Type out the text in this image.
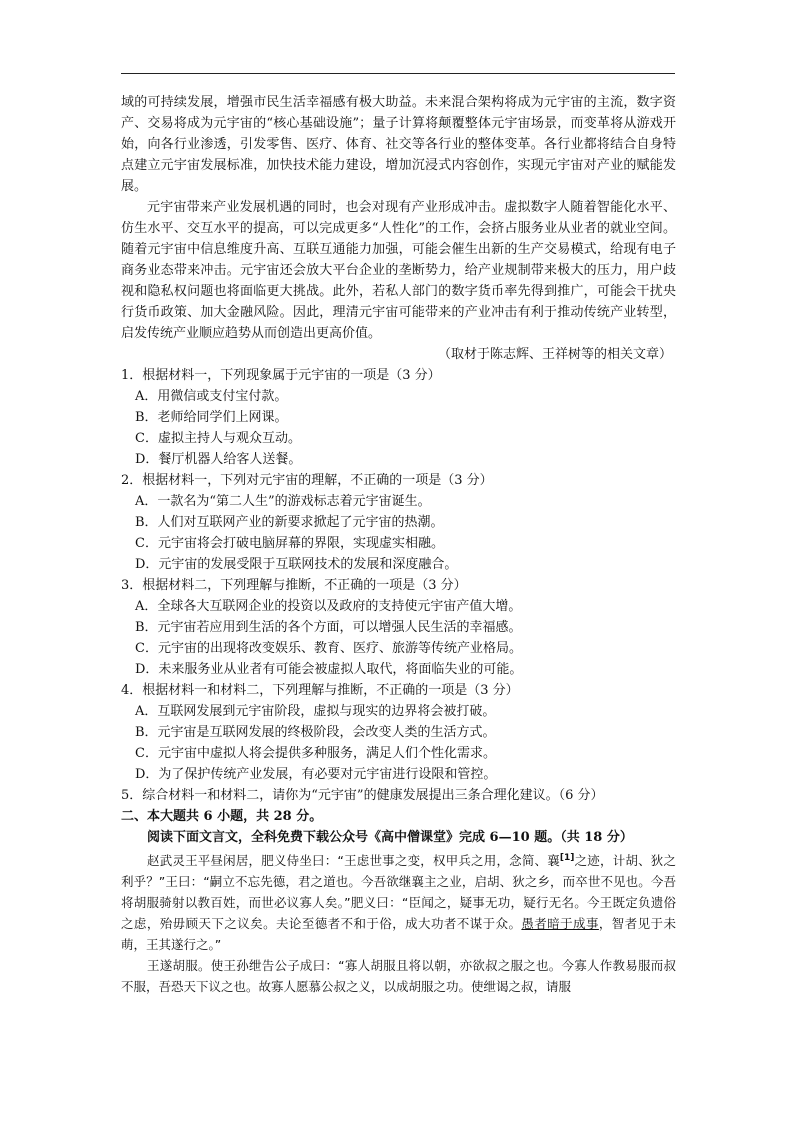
域的可持续发展，增强市民生活幸福感有极大助益。未来混合架构将成为元宇宙的主流，数字资产、交易将成为元宇宙的“核心基础设施”；量子计算将颠覆整体元宇宙场景，而变革将从游戏开始，向各行业渗透，引发零售、医疗、体育、社交等各行业的整体变革。各行业都将结合自身特点建立元宇宙发展标准，加快技术能力建设，增加沉浸式内容创作，实现元宇宙对产业的赋能发展。

元宇宙带来产业发展机遇的同时，也会对现有产业形成冲击。虚拟数字人随着智能化水平、仿生水平、交互水平的提高，可以完成更多“人性化”的工作，会挤占服务业从业者的就业空间。随着元宇宙中信息维度升高、互联互通能力加强，可能会催生出新的生产交易模式，给现有电子商务业态带来冲击。元宇宙还会放大平台企业的垄断势力，给产业规制带来极大的压力，用户歧视和隐私权问题也将面临更大挑战。此外，若私人部门的数字货币率先得到推广，可能会干扰央行货币政策、加大金融风险。因此，理清元宇宙可能带来的产业冲击有利于推动传统产业转型，启发传统产业顺应趋势从而创造出更高价值。

（取材于陈志辉、王祥树等的相关文章）

1．根据材料一，下列现象属于元宇宙的一项是（3 分）

A．用微信或支付宝付款。

B．老师给同学们上网课。

C．虚拟主持人与观众互动。

D．餐厅机器人给客人送餐。

2．根据材料一，下列对元宇宙的理解，不正确的一项是（3 分）

A．一款名为“第二人生”的游戏标志着元宇宙诞生。

B．人们对互联网产业的新要求掀起了元宇宙的热潮。

C．元宇宙将会打破电脑屏幕的界限，实现虚实相融。

D．元宇宙的发展受限于互联网技术的发展和深度融合。

3．根据材料二，下列理解与推断，不正确的一项是（3 分）

A．全球各大互联网企业的投资以及政府的支持使元宇宙产值大增。

B．元宇宙若应用到生活的各个方面，可以增强人民生活的幸福感。

C．元宇宙的出现将改变娱乐、教育、医疗、旅游等传统产业格局。

D．未来服务业从业者有可能会被虚拟人取代，将面临失业的可能。

4．根据材料一和材料二，下列理解与推断，不正确的一项是（3 分）

A．互联网发展到元宇宙阶段，虚拟与现实的边界将会被打破。

B．元宇宙是互联网发展的终极阶段，会改变人类的生活方式。

C．元宇宙中虚拟人将会提供多种服务，满足人们个性化需求。

D．为了保护传统产业发展，有必要对元宇宙进行设限和管控。

5．综合材料一和材料二，请你为“元宇宙”的健康发展提出三条合理化建议。（6 分）

二、本大题共 6 小题，共 28 分。

阅读下面文言文，全科免费下载公众号《高中僧课堂》完成 6—10 题。（共 18 分）

赵武灵王平昼闲居，肥义侍坐曰：“王虑世事之变，权甲兵之用，念简、襄[1]之迹，计胡、狄之利乎？”王曰：“嗣立不忘先德，君之道也。今吾欲继襄主之业，启胡、狄之乡，而卒世不见也。今吾将胡服骑射以教百姓，而世必议寡人矣。”肥义曰：“臣闻之，疑事无功，疑行无名。今王既定负遗俗之虑，殆毋顾天下之议矣。夫论至德者不和于俗，成大功者不谋于众。愚者暗于成事，智者见于未萌，王其遂行之。”

王遂胡服。使王孙绁告公子成曰：“寡人胡服且将以朝，亦欲叔之服之也。今寡人作教易服而叔不服，吾恐天下议之也。故寡人愿慕公叔之义，以成胡服之功。使绁谒之叔，请服
